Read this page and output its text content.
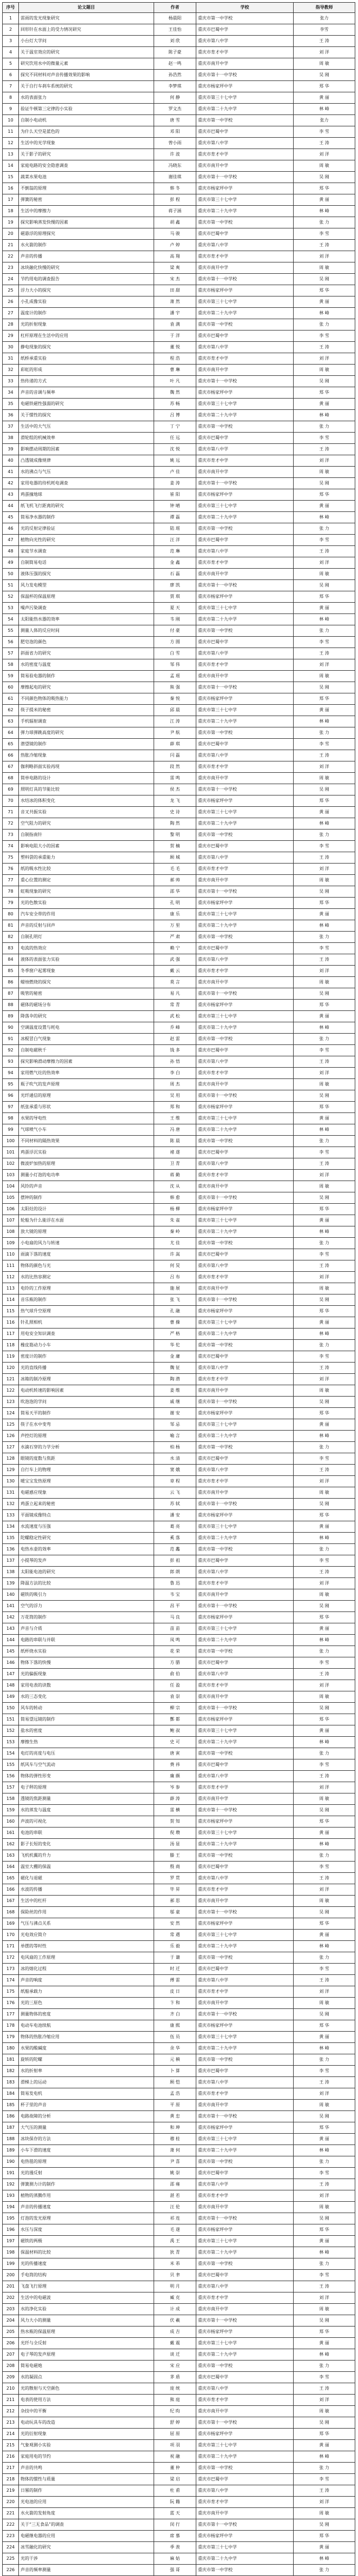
序号	论文题目	作者	学校	指导教师
1	雷雨的发光现象研究	杨晨阳	重庆市第一中学校	张力
2	回形针在水面上的受力情况研究	王佳怡	重庆市巴蜀中学	李雪
3	小台灯大学问	刘 欣	重庆市第八中学	王 涛
4	关于温室效应的研究	陈子豪	重庆市育才中学	刘 洋
5	研究饮用水中的微量元素	赵一鸣	重庆市南开中学	周 敏
6	探究不同材料对声音传播效果的影响	孙浩然	重庆市第十一中学校	吴 刚
7	关于自行车刹车系统的研究	李梦琪	重庆市杨家坪中学	郑 华
8	水的表面张力	何 静	重庆市第三十七中学	黄 丽
9	验证牛顿第三定律的小实验	罗文杰	重庆市第二十九中学	林 峰
10	自制小电动机	唐 雪	重庆市第一中学校	张力
11	为什么天空是蓝色的	邓 阳	重庆市巴蜀中学	李 雪
12	生活中的光学现象	曾小雨	重庆市第八中学	王 涛
13	关于影子的研究	许 波	重庆市育才中学	刘 洋
14	家庭电路的安全隐患调查	冯晓东	重庆市南开中学	周 敏
15	蔬菜水果电池	谢佳琪	重庆市第十一中学校	吴 刚
16	不倒翁的原理	韩 冬	重庆市杨家坪中学	郑 华
17	弹簧的秘密	彭 程	重庆市第三十七中学	黄 丽
18	生活中的摩擦力	蒋子涵	重庆市第二十九中学	林 峰
19	探究影响蒸发快慢的因素	胡 鑫	重庆市第一中学校	张 力
20	磁悬浮的原理探究	马 骏	重庆市巴蜀中学	李 雪
21	水火箭的制作	卢 婷	重庆市第八中学	王 涛
22	声音的传播	高 翔	重庆市育才中学	刘 洋
23	冰块融化快慢的研究	梁 爽	重庆市南开中学	周 敏
24	节约用电的调查报告	宋 杰	重庆市第十一中学校	吴 刚
25	浮力大小的探究	田 甜	重庆市杨家坪中学	郑 华
26	小孔成像实验	萧 然	重庆市第三十七中学	黄 丽
27	温度计的制作	潘 宇	重庆市第二十九中学	林 峰
28	光的折射现象	袁 满	重庆市第一中学校	张 力
29	杠杆原理在生活中的应用	于 洋	重庆市巴蜀中学	李 雪
30	静电现象的探究	董 悦	重庆市第八中学	王 涛
31	纸桥承重实验	程 浩	重庆市育才中学	刘 洋
32	彩虹的形成	曹 琳	重庆市南开中学	周 敏
33	热传递的方式	叶 凡	重庆市第十一中学校	吴 刚
34	声音的音调与频率	魏 然	重庆市杨家坪中学	郑 华
35	电磁铁磁性强弱的研究	苏 畅	重庆市第三十七中学	黄 丽
36	关于惯性的探究	吕 博	重庆市第二十九中学	林 峰
37	生活中的大气压	丁 宁	重庆市第一中学校	张 力
38	滑轮组的机械效率	任 远	重庆市巴蜀中学	李 雪
39	影响摆动周期的因素	沈 悦	重庆市第八中学	王 涛
40	凸透镜成像规律	姚 远	重庆市育才中学	刘 洋
41	水的沸点与气压	卢 佳	重庆市南开中学	周 敏
42	家用电器的待机耗电调查	姜 涛	重庆市第十一中学校	吴 刚
43	鸡蛋撞地球	崔 阳	重庆市杨家坪中学	郑 华
44	纸飞机飞行距离的研究	钟 晴	重庆市第三十七中学	黄 丽
45	简易净水器的制作	谭 磊	重庆市第二十九中学	林 峰
46	光的反射定律验证	陆 瑶	重庆市第一中学校	张 力
47	植物向光性的研究	汪 洋	重庆市巴蜀中学	李 雪
48	家庭节水调查	范 琳	重庆市第八中学	王 涛
49	自制简易电话	金 鑫	重庆市育才中学	刘 洋
50	液体压强的探究	石 磊	重庆市南开中学	周 敏
51	风力发电模型	廖 凯	重庆市第十一中学校	吴 刚
52	保温杯的保温原理	贾 琪	重庆市杨家坪中学	郑 华
53	噪声污染调查	夏 天	重庆市第三十七中学	黄 丽
54	太阳能热水器的效率	韦 刚	重庆市第二十九中学	林 峰
55	测量人体的反应时间	付 豪	重庆市第一中学校	张 力
56	肥皂泡的颜色	方 圆	重庆市巴蜀中学	李 雪
57	斜面省力的研究	白 雪	重庆市第八中学	王 涛
58	水的密度与温度	邹 伟	重庆市育才中学	刘 洋
59	简易验电器的制作	孟 瑶	重庆市南开中学	周 敏
60	摩擦起电的研究	熊 强	重庆市第十一中学校	吴 刚
61	不同颜色物体的吸热能力	秦 悦	重庆市杨家坪中学	郑 华
62	筷子提米的秘密	邱 晨	重庆市第三十七中学	黄 丽
63	手机辐射调查	江 涛	重庆市第二十九中学	林 峰
64	弹力球弹跳高度的研究	尹 航	重庆市第一中学校	张 力
65	潜望镜的制作	薛 琪	重庆市巴蜀中学	李 雪
66	热胀冷缩现象	闫 磊	重庆市第八中学	王 涛
67	伽利略斜面实验再现	段 然	重庆市育才中学	刘 洋
68	简单电路的设计	雷 鸣	重庆市南开中学	周 敏
69	照明灯具的节能比较	侯 杰	重庆市第十一中学校	吴 刚
70	水结冰的体积变化	龙 飞	重庆市杨家坪中学	郑 华
71	音叉共振实验	史 诗	重庆市第三十七中学	黄 丽
72	空气阻力的研究	陶 然	重庆市第二十九中学	林 峰
73	自制指南针	黎 明	重庆市第一中学校	张 力
74	影响电阻大小的因素	贺 楠	重庆市巴蜀中学	李 雪
75	塑料袋的承重能力	顾 城	重庆市第八中学	王 涛
76	纸的吸水性比较	毛 毛	重庆市育才中学	刘 洋
77	重心位置的测定	郝 帅	重庆市南开中学	周 敏
78	虹吸现象的研究	邵 华	重庆市第十一中学校	吴 刚
79	光的色散实验	孔 明	重庆市杨家坪中学	郑 华
80	汽车安全带的作用	康 乐	重庆市第三十七中学	黄 丽
81	声音的反射与回声	万 里	重庆市第二十九中学	林 峰
82	自制孔明灯	严 肃	重庆市第一中学校	张 力
83	电流的热效应	赖 宁	重庆市巴蜀中学	李 雪
84	液体的表面张力实验	武 强	重庆市第八中学	王 涛
85	冬季窗户起雾现象	戴 云	重庆市育才中学	刘 洋
86	蜡烛燃烧的探究	莫 言	重庆市南开中学	周 敏
87	吸管的秘密	易 凡	重庆市第十一中学校	吴 刚
88	磁体的磁场分布	常 青	重庆市杨家坪中学	郑 华
89	降落伞的研究	武 松	重庆市第三十七中学	黄 丽
90	空调温度设置与耗电	乔 峰	重庆市第二十九中学	林 峰
91	冰棍冒白气现象	赵 雷	重庆市第一中学校	张 力
92	自制电磁秋千	钱 多	重庆市巴蜀中学	李 雪
93	探究影响滑动摩擦力的因素	孙 悟	重庆市第八中学	王 涛
94	家用燃气灶的热效率	李 白	重庆市育才中学	刘 洋
95	瓶子吹气的发声原理	周 杰	重庆市南开中学	周 敏
96	光纤通信的原理	吴 用	重庆市第十一中学校	吴 刚
97	纸张承重与形状	郑 和	重庆市杨家坪中学	郑 华
98	水果的导电性	王 维	重庆市第三十七中学	黄 丽
99	气球喷气小车	冯 唐	重庆市第二十九中学	林 峰
100	不同材料的隔热效果	陈 晨	重庆市第一中学校	张 力
101	鸡蛋浮沉实验	褚 遂	重庆市巴蜀中学	李 雪
102	微波炉加热的原理	卫 青	重庆市第八中学	王 涛
103	测量小灯泡的电功率	蒋 勤	重庆市育才中学	刘 洋
104	风铃的声音	沈 从	重庆市南开中学	周 敏
105	摆钟的制作	韩 愈	重庆市第十一中学校	吴 刚
106	太阳灶的设计	杨 柳	重庆市杨家坪中学	郑 华
107	轮船为什么能浮在水面	朱 雀	重庆市第三十七中学	黄 丽
108	放大镜的原理	秦 岭	重庆市第二十九中学	林 峰
109	小电扇的风力与转速	尤 佳	重庆市第一中学校	张 力
110	雨滴下落的速度	许 嵩	重庆市巴蜀中学	李 雪
111	物体的颜色与光	何 炅	重庆市第八中学	王 涛
112	水的比热容测定	吕 布	重庆市育才中学	刘 洋
113	电铃的工作原理	施 展	重庆市南开中学	周 敏
114	音乐瓶的制作	张 飞	重庆市第十一中学校	吴 刚
115	热气球升空原理	孔 融	重庆市杨家坪中学	郑 华
116	针孔照相机	曹 操	重庆市第三十七中学	黄 丽
117	用电安全知识调查	严 格	重庆市第二十九中学	林 峰
118	橡皮筋动力小车	华 佗	重庆市第一中学校	张 力
119	密度计的制作	金 庸	重庆市巴蜀中学	李 雪
120	光的直线传播	魏 征	重庆市第八中学	王 涛
121	冰箱的制冷原理	陶 潜	重庆市育才中学	刘 洋
122	电动机转速的影响因素	姜 维	重庆市南开中学	周 敏
123	吹泡泡的学问	戚 继	重庆市第十一中学校	吴 刚
124	简易天平的制作	谢 安	重庆市杨家坪中学	郑 华
125	筷子在水中变弯	邹 忌	重庆市第三十七中学	黄 丽
126	声控灯的原理	喻 言	重庆市第二十九中学	林 峰
127	水滴石穿的力学分析	柏 杨	重庆市第一中学校	张 力
128	眼镜的度数与焦距	水 清	重庆市巴蜀中学	李 雪
129	自行车上的物理	窦 娥	重庆市第八中学	王 涛
130	暖宝宝发热原理	章 程	重庆市育才中学	刘 洋
131	电磁感应现象	云 飞	重庆市南开中学	周 敏
132	鸡蛋立起来的秘密	苏 轼	重庆市第十一中学校	吴 刚
133	平面镜成像特点	潘 安	重庆市杨家坪中学	郑 华
134	水流速度与压强	葛 亮	重庆市第三十七中学	黄 丽
135	陀螺稳定性研究	奚 落	重庆市第二十九中学	林 峰
136	电热水壶的效率	范 蠡	重庆市第一中学校	张 力
137	小提琴的发声	彭 祖	重庆市巴蜀中学	李 雪
138	太阳能电池的研究	郎 朗	重庆市第八中学	王 涛
139	降温方法的比较	鲁 迅	重庆市育才中学	刘 洋
140	磁铁的吸引力	韦 宝	重庆市南开中学	周 敏
141	空气的浮力	昌 平	重庆市第十一中学校	吴 刚
142	万花筒的制作	马 良	重庆市杨家坪中学	郑 华
143	声音与介质	苗 苗	重庆市第三十七中学	黄 丽
144	电路的串联与并联	凤 鸣	重庆市第二十九中学	林 峰
145	纸杯烧水实验	花 荣	重庆市第一中学校	张 力
146	物体下落的快慢	方 腊	重庆市巴蜀中学	李 雪
147	光的偏振现象	俞 伯	重庆市第八中学	王 涛
148	家用电表的读数	任 盈	重庆市育才中学	刘 洋
149	水的三态变化	袁 崇	重庆市南开中学	周 敏
150	风车的转动	柳 宗	重庆市第十一中学校	吴 刚
151	简易望远镜的制作	酆 都	重庆市杨家坪中学	郑 华
152	盐水的密度	鲍 叔	重庆市第三十七中学	黄 丽
153	摩擦生热	史 可	重庆市第二十九中学	林 峰
154	电灯的亮度与电压	唐 寅	重庆市第一中学校	张 力
155	纸风车与空气流动	费 祎	重庆市巴蜀中学	李 雪
156	物体的弹性形变	廉 颇	重庆市第八中学	王 涛
157	电子秤的原理	岑 参	重庆市育才中学	刘 洋
158	透镜的焦距测量	薛 涛	重庆市南开中学	周 敏
159	水的蒸发与温度	雷 横	重庆市第十一中学校	吴 刚
160	声波的可视化	贺 知	重庆市杨家坪中学	郑 华
161	电池的串联	倪 瓒	重庆市第三十七中学	黄 丽
162	影子长短的变化	汤 显	重庆市第二十九中学	林 峰
163	飞机机翼的升力	滕 王	重庆市第一中学校	张 力
164	温室大棚的保温	殷 商	重庆市巴蜀中学	李 雪
165	磁化与退磁	罗 贯	重庆市第八中学	王 涛
166	水波的传播	毕 昇	重庆市育才中学	刘 洋
167	生活中的杠杆	郝 思	重庆市南开中学	周 敏
168	保险丝的作用	邬 童	重庆市第十一中学校	吴 刚
169	气压与沸点关系	安 然	重庆市杨家坪中学	郑 华
170	光电效应简介	常 遇	重庆市第三十七中学	黄 丽
171	单摆的等时性	乐 毅	重庆市第二十九中学	林 峰
172	电风扇的工作原理	于 谦	重庆市第一中学校	张 力
173	冰的熔化过程	时 迁	重庆市巴蜀中学	李 雪
174	声音的响度	傅 雷	重庆市第八中学	王 涛
175	纸船承载力	皮 日	重庆市育才中学	刘 洋
176	光的三原色	卞 和	重庆市南开中学	周 敏
177	测量物体的密度	齐 白	重庆市第十一中学校	吴 刚
178	电动车电池续航	康 熙	重庆市杨家坪中学	郑 华
179	物体的热胀冷缩应用	伍 员	重庆市第三十七中学	黄 丽
180	水果的酸碱度	余 华	重庆市第二十九中学	林 峰
181	旋转的陀螺	元 稹	重庆市第一中学校	张 力
182	水的折射率	卜 算	重庆市巴蜀中学	李 雪
183	滑梯上的运动	顾 恺	重庆市第八中学	王 涛
184	简易发电机	孟 浩	重庆市育才中学	刘 洋
185	杯子里的声音	平 原	重庆市南开中学	周 敏
186	电路故障的分析	黄 忠	重庆市第十一中学校	吴 刚
187	大气压的测量	和 珅	重庆市杨家坪中学	郑 华
188	冰块保存的方法	穆 桂	重庆市第三十七中学	黄 丽
189	小车下滑的速度	萧 何	重庆市第二十九中学	林 峰
190	电热毯的原理	尹 喜	重庆市第一中学校	张 力
191	光的漫反射	姚 崇	重庆市巴蜀中学	李 雪
192	弹簧测力计的制作	邵 雍	重庆市第八中学	王 涛
193	植物的蒸腾作用	湛 若	重庆市育才中学	刘 洋
194	声音的传播速度	汪 伦	重庆市南开中学	周 敏
195	灯泡的发光原理	祁 连	重庆市第十一中学校	吴 刚
196	水压与深度	毛 遂	重庆市杨家坪中学	郑 华
197	磁铁的两极	禹 王	重庆市第三十七中学	黄 丽
198	保温材料的比较	狄 青	重庆市第二十九中学	林 峰
199	光的传播速度	米 芾	重庆市第一中学校	张 力
200	手电筒的结构	贝 聿	重庆市巴蜀中学	李 雪
201	飞盘飞行原理	明 月	重庆市第八中学	王 涛
202	生活中的电磁波	臧 克	重庆市育才中学	刘 洋
203	水的净化实验	计 成	重庆市南开中学	周 敏
204	风力大小的测量	伏 羲	重庆市第十一中学校	吴 刚
205	热水瓶的保温原理	成 吉	重庆市杨家坪中学	郑 华
206	光纤与全反射	戴 震	重庆市第三十七中学	黄 丽
207	电子琴的发声原理	谈 迁	重庆市第二十九中学	林 峰
208	简易电磁炮	宋 应	重庆市第一中学校	张 力
209	水的凝固点	茅 盾	重庆市巴蜀中学	李 雪
210	光的散射与天空颜色	庞 统	重庆市第八中学	王 涛
211	电表的使用方法	熊 庭	重庆市育才中学	刘 洋
212	杂技中的平衡	纪 昀	重庆市南开中学	周 敏
213	电动玩具车的改造	舒 婷	重庆市第十一中学校	吴 刚
214	光的衍射现象	屈 原	重庆市杨家坪中学	郑 华
215	气象观测小实验	项 羽	重庆市第三十七中学	黄 丽
216	家庭用电的节约	祝 融	重庆市第二十九中学	林 峰
217	声音的共鸣	董 仲	重庆市第一中学校	张 力
218	物体的惯性与质量	梁 启	重庆市巴蜀中学	李 雪
219	日晷的制作	杜 甫	重庆市第八中学	王 涛
220	光电池的应用	阮 籍	重庆市育才中学	刘 洋
221	水火箭的发射角度	蓝 天	重庆市南开中学	周 敏
222	关于“三无食品”的调查	闵 行	重庆市第十一中学校	吴 刚
223	电磁继电器的应用	席 慕	重庆市杨家坪中学	郑 华
224	冰雪融化的研究	季 羡	重庆市第三十七中学	黄 丽
225	光的干涉	麻 姑	重庆市第二十九中学	林 峰
226	声音的频率测量	强 哥	重庆市第一中学校	张 力
